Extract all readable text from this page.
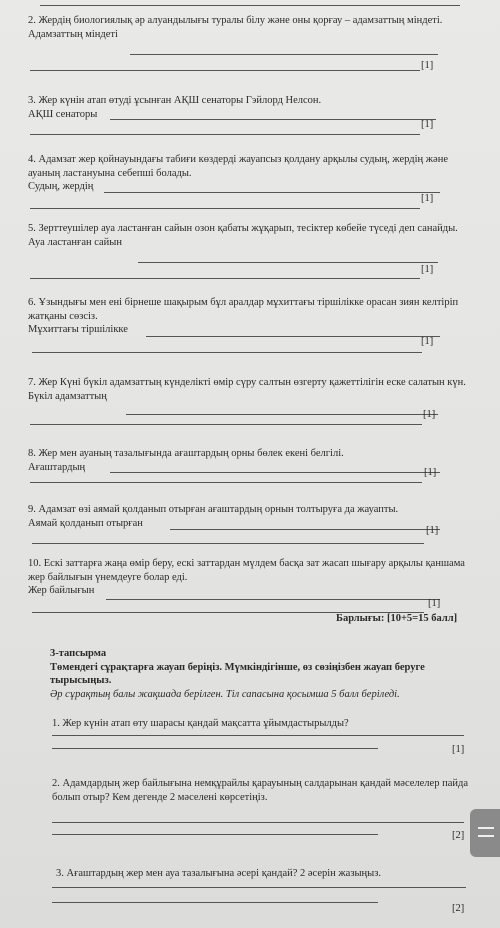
2. Жердің биологиялық әр алуандылығы туралы білу және оны қорғау – адамзаттың міндеті.
Адамзаттың міндеті
[1]
3. Жер күнін атап өтуді ұсынған АҚШ сенаторы Гэйлорд Нелсон.
АҚШ сенаторы
[1]
4. Адамзат жер қойнауындағы табиғи көздерді жауапсыз қолдану арқылы судың, жердің және ауаның ластануына себепші болады.
Судың, жердің
[1]
5. Зерттеушілер ауа ластанған сайын озон қабаты жұқарып, тесіктер көбейе түседі деп санайды.
Ауа ластанған сайын
[1]
6. Ұзындығы мен ені бірнеше шақырым бұл аралдар мұхиттағы тіршілікке орасан зиян келтіріп жатқаны сөзсіз.
Мұхиттағы тіршілікке
[1]
7. Жер Күні бүкіл адамзаттың күнделікті өмір сүру салтын өзгерту қажеттілігін еске салатын күн.
Бүкіл адамзаттың
[1]
8. Жер мен ауаның тазалығында ағаштардың орны бөлек екені белгілі.
Ағаштардың	[1]
9. Адамзат өзі аямай қолданып отырған ағаштардың орнын толтыруға да жауапты.
Аямай қолданып отырған
[1]
10. Ескі заттарға жаңа өмір беру, ескі заттардан мүлдем басқа зат жасап шығару арқылы қаншама жер байлығын үнемдеуге болар еді.
Жер байлығын
[1]
Барлығы: [10+5=15 балл]
3-тапсырма
Төмендегі сұрақтарға жауап беріңіз. Мүмкіндігінше, өз сөзіңізбен жауап беруге тырысыңыз.
Әр сұрақтың балы жақшада берілген. Тіл сапасына қосымша 5 балл беріледі.
1. Жер күнін атап өту шарасы қандай мақсатта ұйымдастырылды?
[1]
2. Адамдардың жер байлығына немқұрайлы қарауының салдарынан қандай мәселелер пайда болып отыр? Кем дегенде 2 мәселені көрсетіңіз.
[2]
3. Ағаштардың жер мен ауа тазалығына әсері қандай? 2 әсерін жазыңыз.
[2]
